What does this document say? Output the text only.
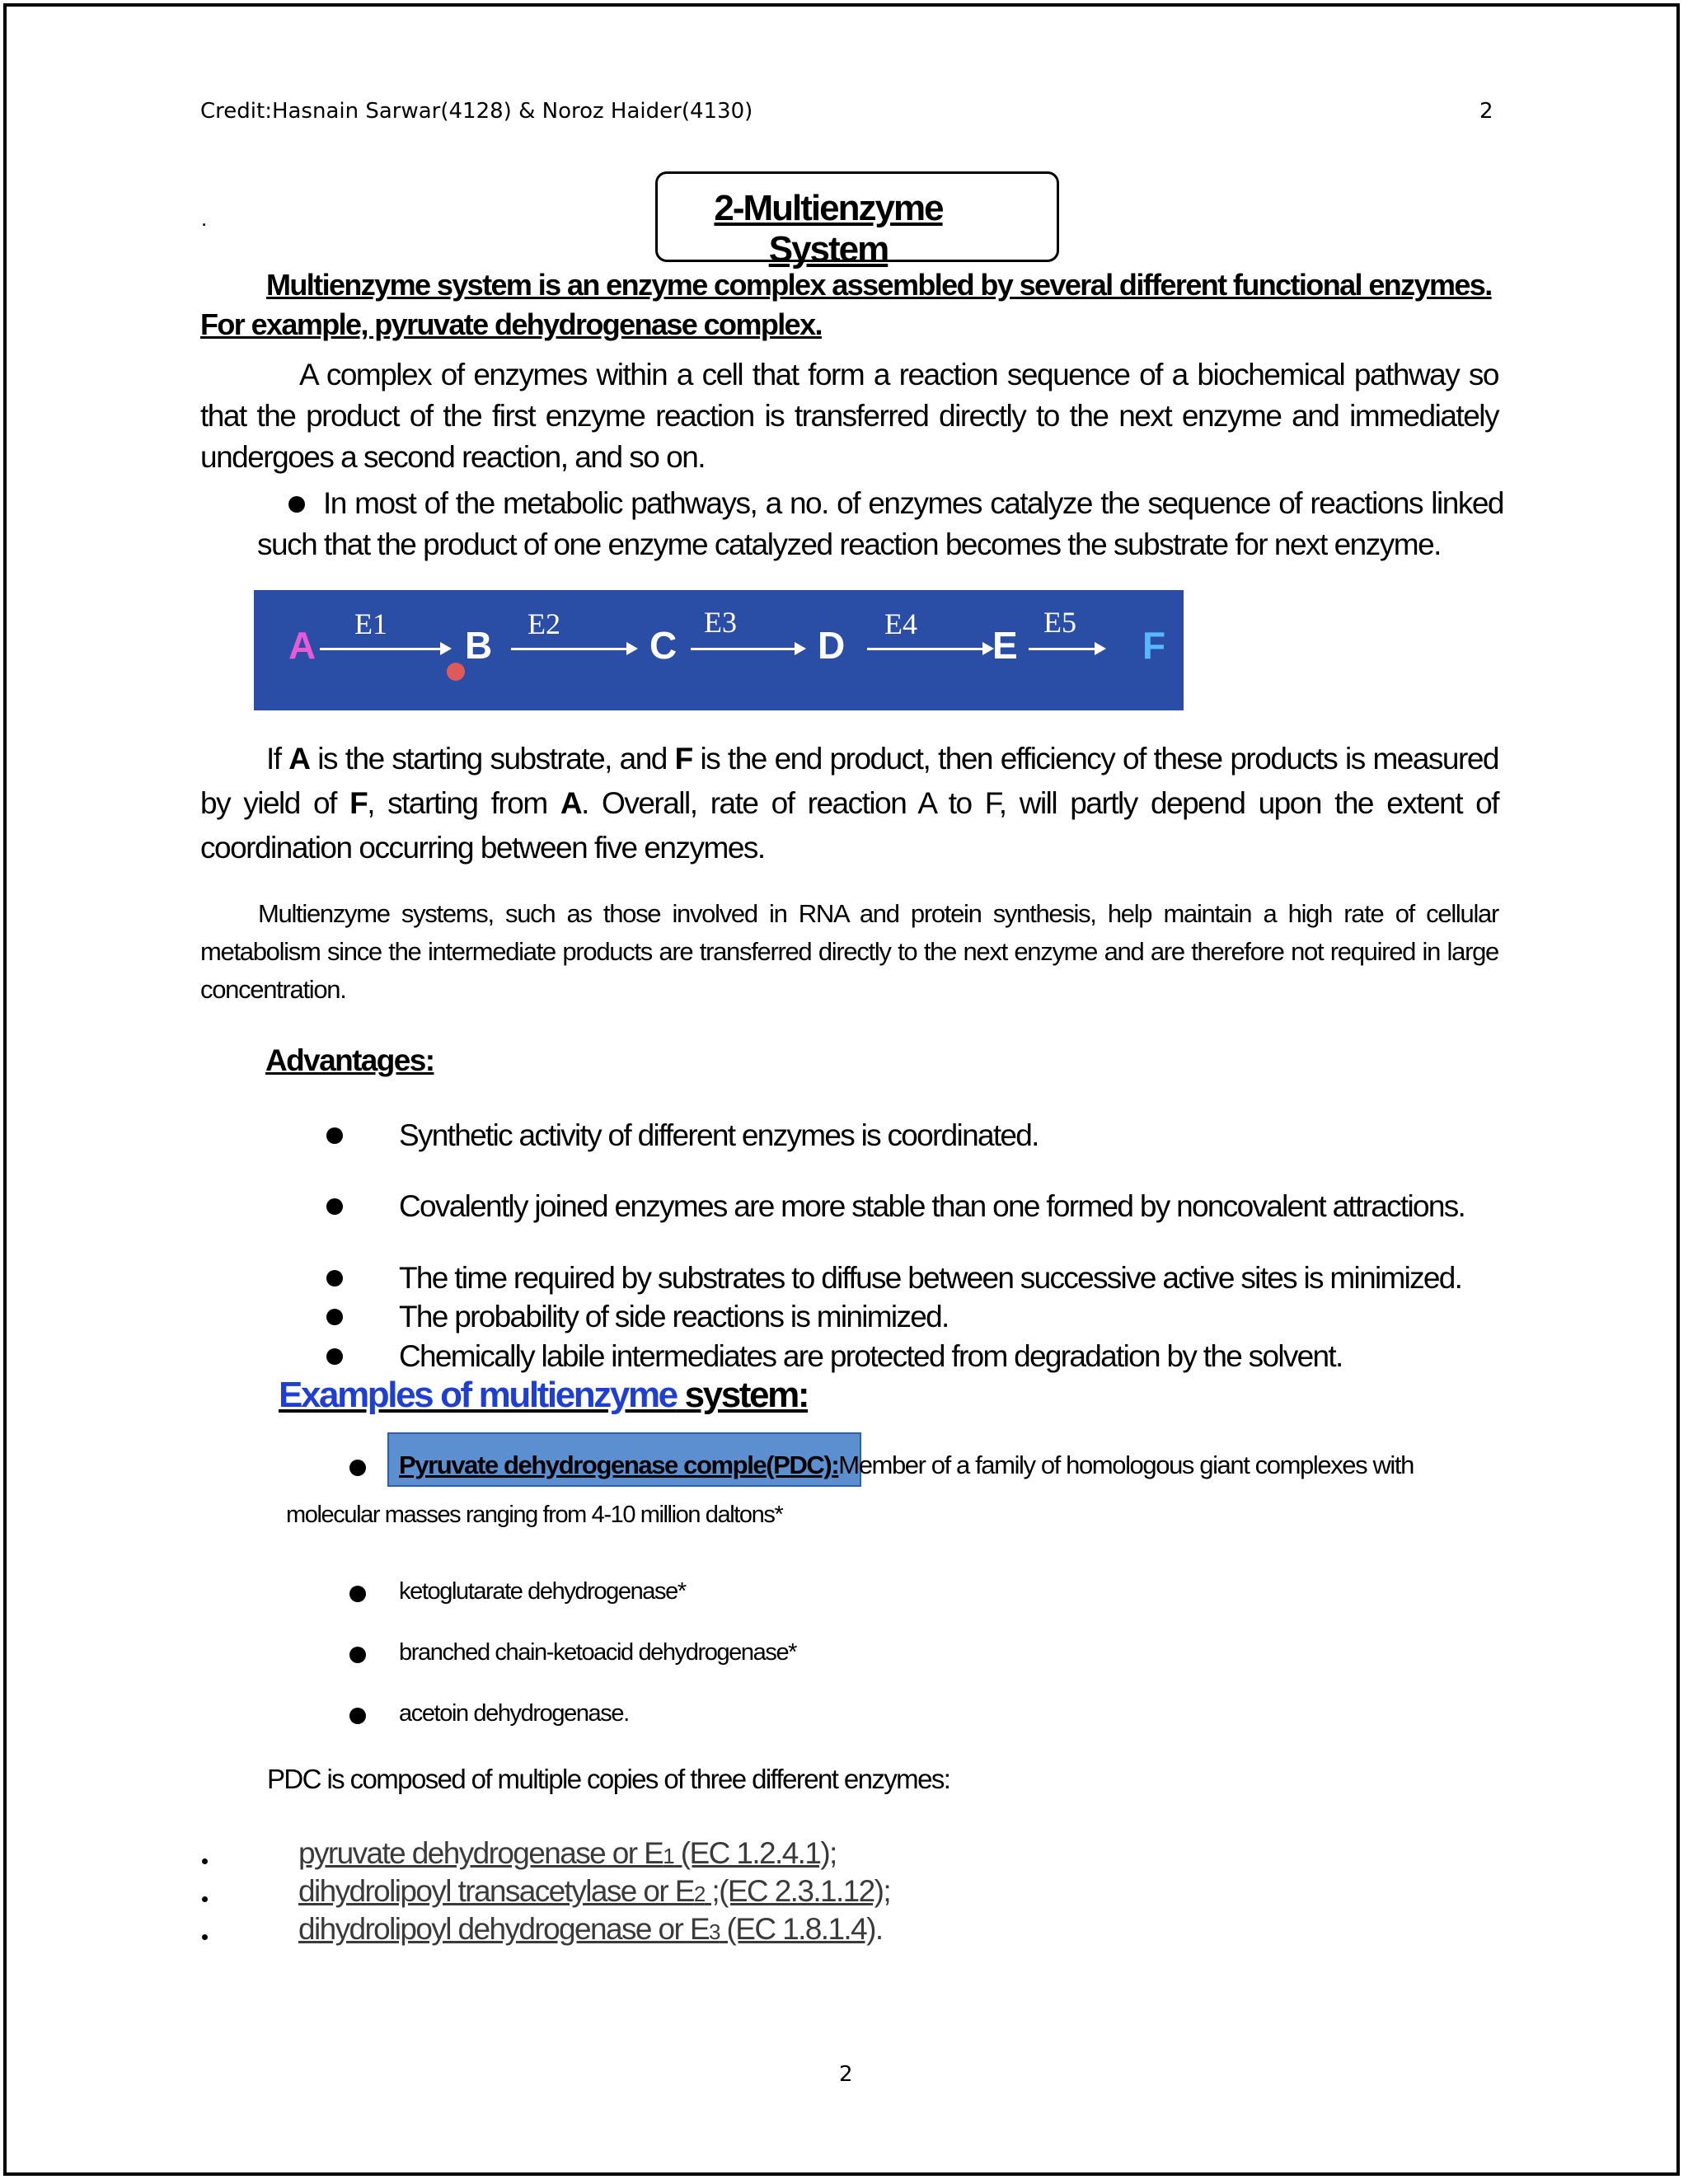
Credit:Hasnain Sarwar(4128) & Noroz Haider(4130)	2
.	2-Multienzyme System
Multienzyme system is an enzyme complex assembled by several different functional enzymes. For example, pyruvate dehydrogenase complex.
A complex of enzymes within a cell that form a reaction sequence of a biochemical pathway so that the product of the first enzyme reaction is transferred directly to the next enzyme and immediately undergoes a second reaction, and so on.
In most of the metabolic pathways, a no. of enzymes catalyze the sequence of reactions linked such that the product of one enzyme catalyzed reaction becomes the substrate for next enzyme.
A E1 B E2 C
E3
D E4 E
E5
F
If A is the starting substrate, and F is the end product, then efficiency of these products is measured by yield of F, starting from A. Overall, rate of reaction A to F, will partly depend upon the extent of coordination occurring between five enzymes.
Multienzyme systems, such as those involved in RNA and protein synthesis, help maintain a high rate of cellular metabolism since the intermediate products are transferred directly to the next enzyme and are therefore not required in large concentration.
Advantages:
Synthetic activity of different enzymes is coordinated.
Covalently joined enzymes are more stable than one formed by noncovalent attractions.
The time required by substrates to diffuse between successive active sites is minimized.
The probability of side reactions is minimized.
Chemically labile intermediates are protected from degradation by the solvent.
Examples of multienzyme system:
Pyruvate dehydrogenase comple(PDC):Member of a family of homologous giant complexes with
molecular masses ranging from 4-10 million daltons*
ketoglutarate dehydrogenase*
branched chain-ketoacid dehydrogenase*
acetoin dehydrogenase.
PDC is composed of multiple copies of three different enzymes:
pyruvate dehydrogenase or E1 (EC 1.2.4.1);
dihydrolipoyl transacetylase or E2 ;(EC 2.3.1.12);
dihydrolipoyl dehydrogenase or E3 (EC 1.8.1.4).
2
